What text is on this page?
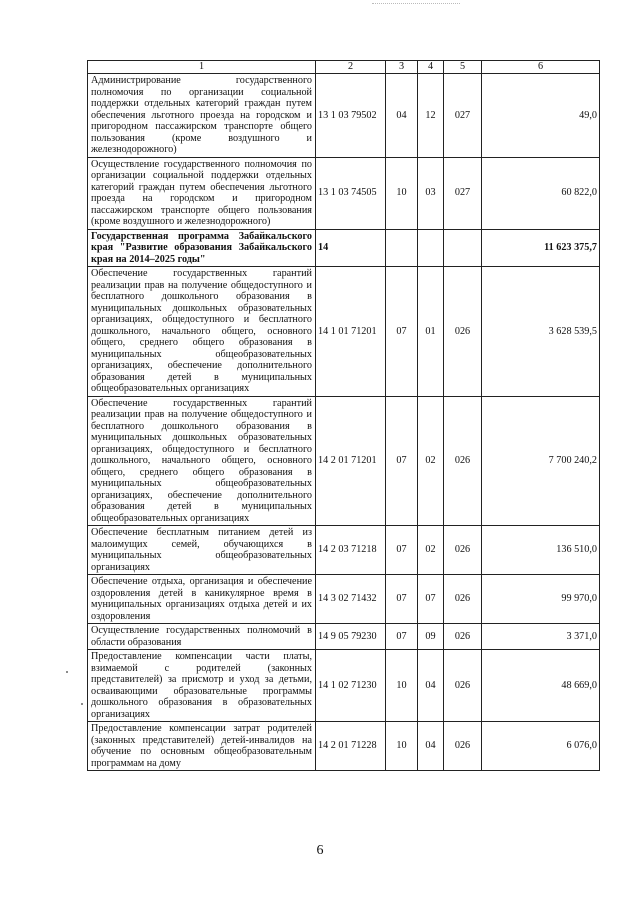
1	2	3	4	5	6
Администрирование государственного полномочия по организации социальной поддержки отдельных категорий граждан путем обеспечения льготного проезда на городском и пригородном пассажирском транспорте общего пользования (кроме воздушного и железнодорожного)	13 1 03 79502	04	12	027	49,0
Осуществление государственного полномочия по организации социальной поддержки отдельных категорий граждан путем обеспечения льготного проезда на городском и пригородном пассажирском транспорте общего пользования (кроме воздушного и железнодорожного)	13 1 03 74505	10	03	027	60 822,0
Государственная программа Забайкальского края "Развитие образования Забайкальского края на 2014–2025 годы"	14				11 623 375,7
Обеспечение государственных гарантий реализации прав на получение общедоступного и бесплатного дошкольного образования в муниципальных дошкольных образовательных организациях, общедоступного и бесплатного дошкольного, начального общего, основного общего, среднего общего образования в муниципальных общеобразовательных организациях, обеспечение дополнительного образования детей в муниципальных общеобразовательных организациях	14 1 01 71201	07	01	026	3 628 539,5
Обеспечение государственных гарантий реализации прав на получение общедоступного и бесплатного дошкольного образования в муниципальных дошкольных образовательных организациях, общедоступного и бесплатного дошкольного, начального общего, основного общего, среднего общего образования в муниципальных общеобразовательных организациях, обеспечение дополнительного образования детей в муниципальных общеобразовательных организациях	14 2 01 71201	07	02	026	7 700 240,2
Обеспечение бесплатным питанием детей из малоимущих семей, обучающихся в муниципальных общеобразовательных организациях	14 2 03 71218	07	02	026	136 510,0
Обеспечение отдыха, организация и обеспечение оздоровления детей в каникулярное время в муниципальных организациях отдыха детей и их оздоровления	14 3 02 71432	07	07	026	99 970,0
Осуществление государственных полномочий в области образования	14 9 05 79230	07	09	026	3 371,0
Предоставление компенсации части платы, взимаемой с родителей (законных представителей) за присмотр и уход за детьми, осваивающими образовательные программы дошкольного образования в образовательных организациях	14 1 02 71230	10	04	026	48 669,0
Предоставление компенсации затрат родителей (законных представителей) детей-инвалидов на обучение по основным общеобразовательным программам на дому	14 2 01 71228	10	04	026	6 076,0
6
